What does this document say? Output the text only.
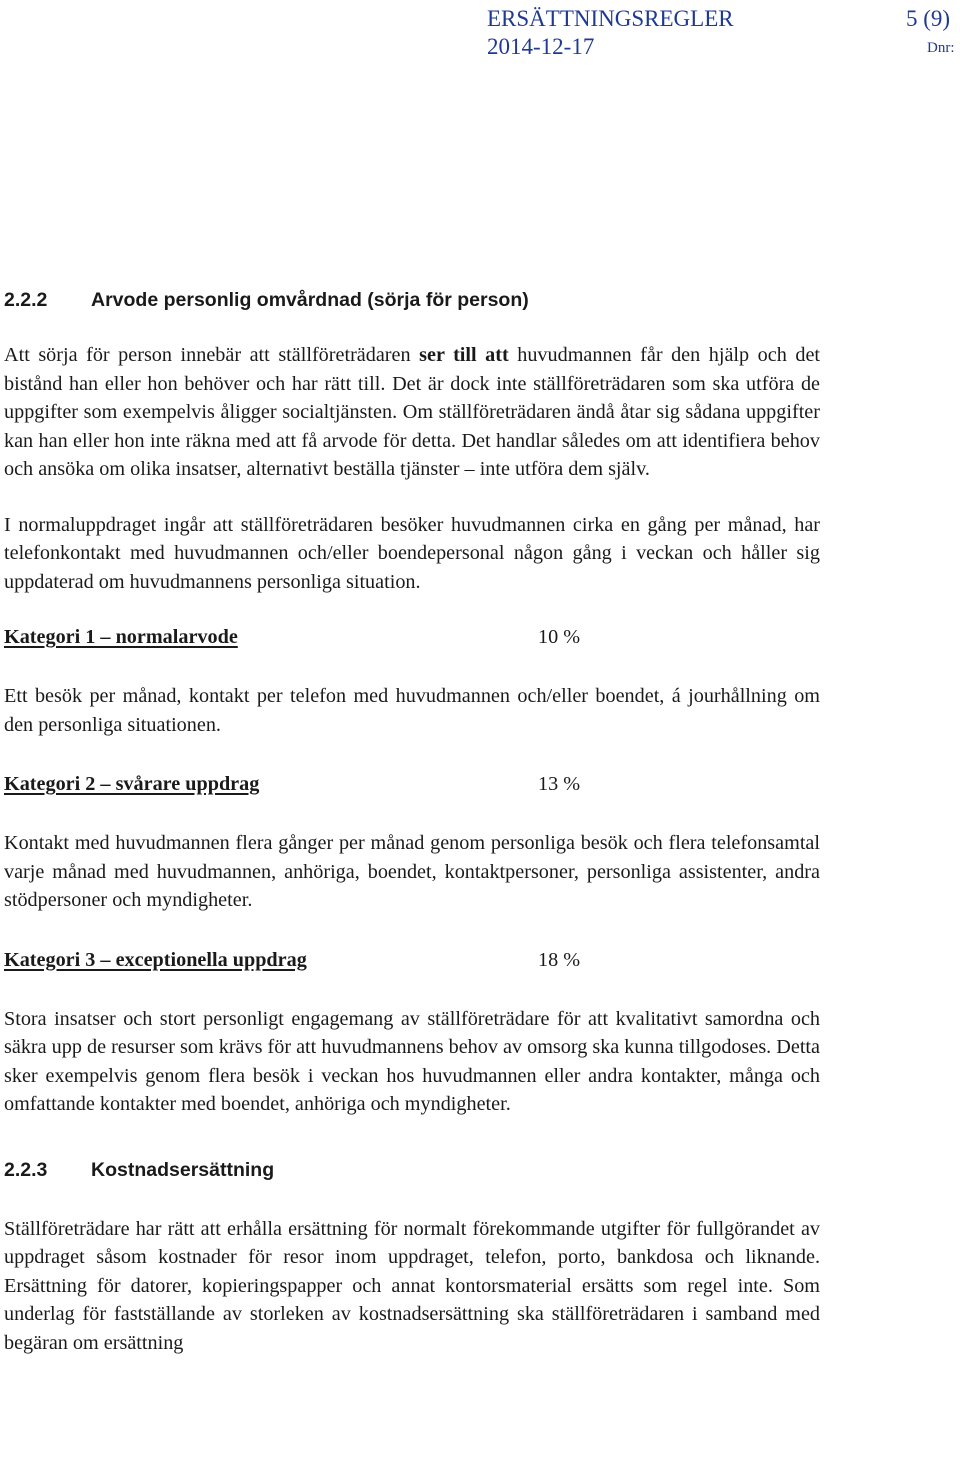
ERSÄTTNINGSREGLER	5 (9)
2014-12-17	Dnr:
2.2.2 Arvode personlig omvårdnad (sörja för person)

Att sörja för person innebär att ställföreträdaren ser till att huvudmannen får den hjälp och det bistånd han eller hon behöver och har rätt till. Det är dock inte ställföreträdaren som ska utföra de uppgifter som exempelvis åligger socialtjänsten. Om ställföreträdaren ändå åtar sig sådana uppgifter kan han eller hon inte räkna med att få arvode för detta. Det handlar således om att identifiera behov och ansöka om olika insatser, alternativt beställa tjänster – inte utföra dem själv.

I normaluppdraget ingår att ställföreträdaren besöker huvudmannen cirka en gång per månad, har telefonkontakt med huvudmannen och/eller boendepersonal någon gång i veckan och håller sig uppdaterad om huvudmannens personliga situation.

Kategori 1 – normalarvode	10 %

Ett besök per månad, kontakt per telefon med huvudmannen och/eller boendet, á jourhållning om den personliga situationen.

Kategori 2 – svårare uppdrag	13 %

Kontakt med huvudmannen flera gånger per månad genom personliga besök och flera telefonsamtal varje månad med huvudmannen, anhöriga, boendet, kontaktpersoner, personliga assistenter, andra stödpersoner och myndigheter.

Kategori 3 – exceptionella uppdrag	18 %

Stora insatser och stort personligt engagemang av ställföreträdare för att kvalitativt samordna och säkra upp de resurser som krävs för att huvudmannens behov av omsorg ska kunna tillgodoses. Detta sker exempelvis genom flera besök i veckan hos huvudmannen eller andra kontakter, många och omfattande kontakter med boendet, anhöriga och myndigheter.

2.2.3 Kostnadsersättning

Ställföreträdare har rätt att erhålla ersättning för normalt förekommande utgifter för fullgörandet av uppdraget såsom kostnader för resor inom uppdraget, telefon, porto, bankdosa och liknande. Ersättning för datorer, kopieringspapper och annat kontorsmaterial ersätts som regel inte. Som underlag för fastställande av storleken av kostnadsersättning ska ställföreträdaren i samband med begäran om ersättning
